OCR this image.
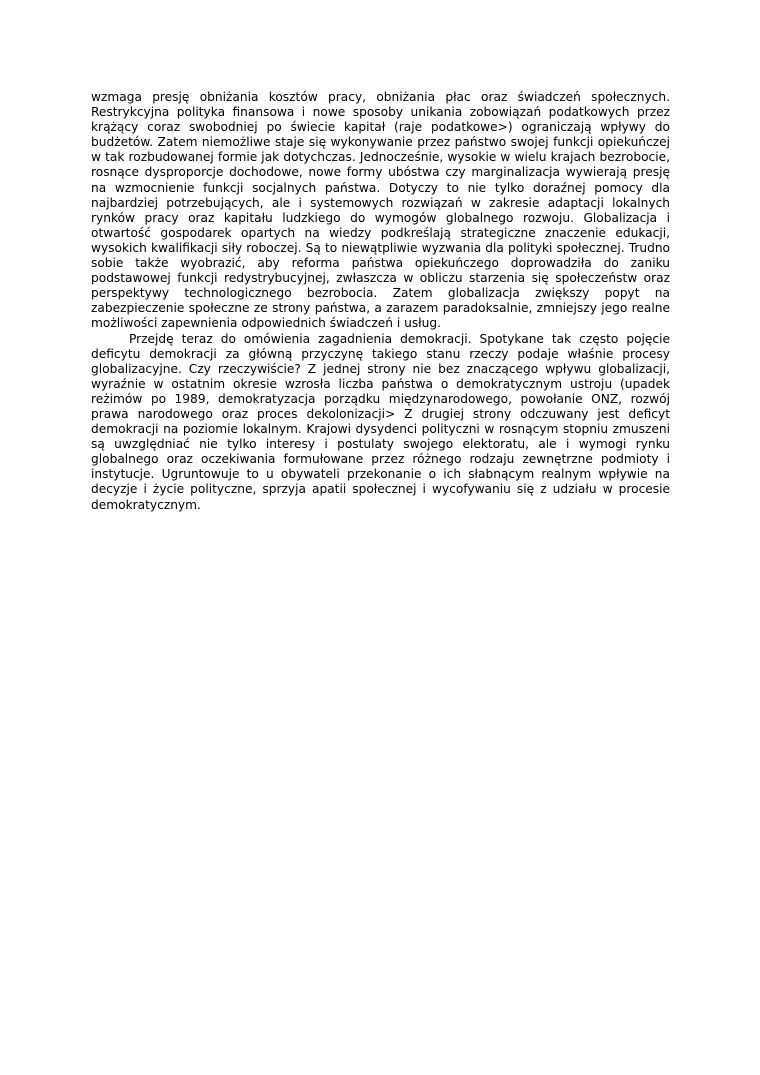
wzmaga presję obniżania kosztów pracy, obniżania płac oraz świadczeń społecznych. Restrykcyjna polityka finansowa i nowe sposoby unikania zobowiązań podatkowych przez krążący coraz swobodniej po świecie kapitał (raje podatkowe>) ograniczają wpływy do budżetów. Zatem niemożliwe staje się wykonywanie przez państwo swojej funkcji opiekuńczej w tak rozbudowanej formie jak dotychczas. Jednocześnie, wysokie w wielu krajach bezrobocie, rosnące dysproporcje dochodowe, nowe formy ubóstwa czy marginalizacja wywierają presję na wzmocnienie funkcji socjalnych państwa. Dotyczy to nie tylko doraźnej pomocy dla najbardziej potrzebujących, ale i systemowych rozwiązań w zakresie adaptacji lokalnych rynków pracy oraz kapitału ludzkiego do wymogów globalnego rozwoju. Globalizacja i otwartość gospodarek opartych na wiedzy podkreślają strategiczne znaczenie edukacji, wysokich kwalifikacji siły roboczej. Są to niewątpliwie wyzwania dla polityki społecznej. Trudno sobie także wyobrazić, aby reforma państwa opiekuńczego doprowadziła do zaniku podstawowej funkcji redystrybucyjnej, zwłaszcza w obliczu starzenia się społeczeństw oraz perspektywy technologicznego bezrobocia. Zatem globalizacja zwiększy popyt na zabezpieczenie społeczne ze strony państwa, a zarazem paradoksalnie, zmniejszy jego realne możliwości zapewnienia odpowiednich świadczeń i usług.

Przejdę teraz do omówienia zagadnienia demokracji. Spotykane tak często pojęcie deficytu demokracji za główną przyczynę takiego stanu rzeczy podaje właśnie procesy globalizacyjne. Czy rzeczywiście? Z jednej strony nie bez znaczącego wpływu globalizacji, wyraźnie w ostatnim okresie wzrosła liczba państwa o demokratycznym ustroju (upadek reżimów po 1989, demokratyzacja porządku międzynarodowego, powołanie ONZ, rozwój prawa narodowego oraz proces dekolonizacji> Z drugiej strony odczuwany jest deficyt demokracji na poziomie lokalnym. Krajowi dysydenci polityczni w rosnącym stopniu zmuszeni są uwzględniać nie tylko interesy i postulaty swojego elektoratu, ale i wymogi rynku globalnego oraz oczekiwania formułowane przez różnego rodzaju zewnętrzne podmioty i instytucje. Ugruntowuje to u obywateli przekonanie o ich słabnącym realnym wpływie na decyzje i życie polityczne, sprzyja apatii społecznej i wycofywaniu się z udziału w procesie demokratycznym.
